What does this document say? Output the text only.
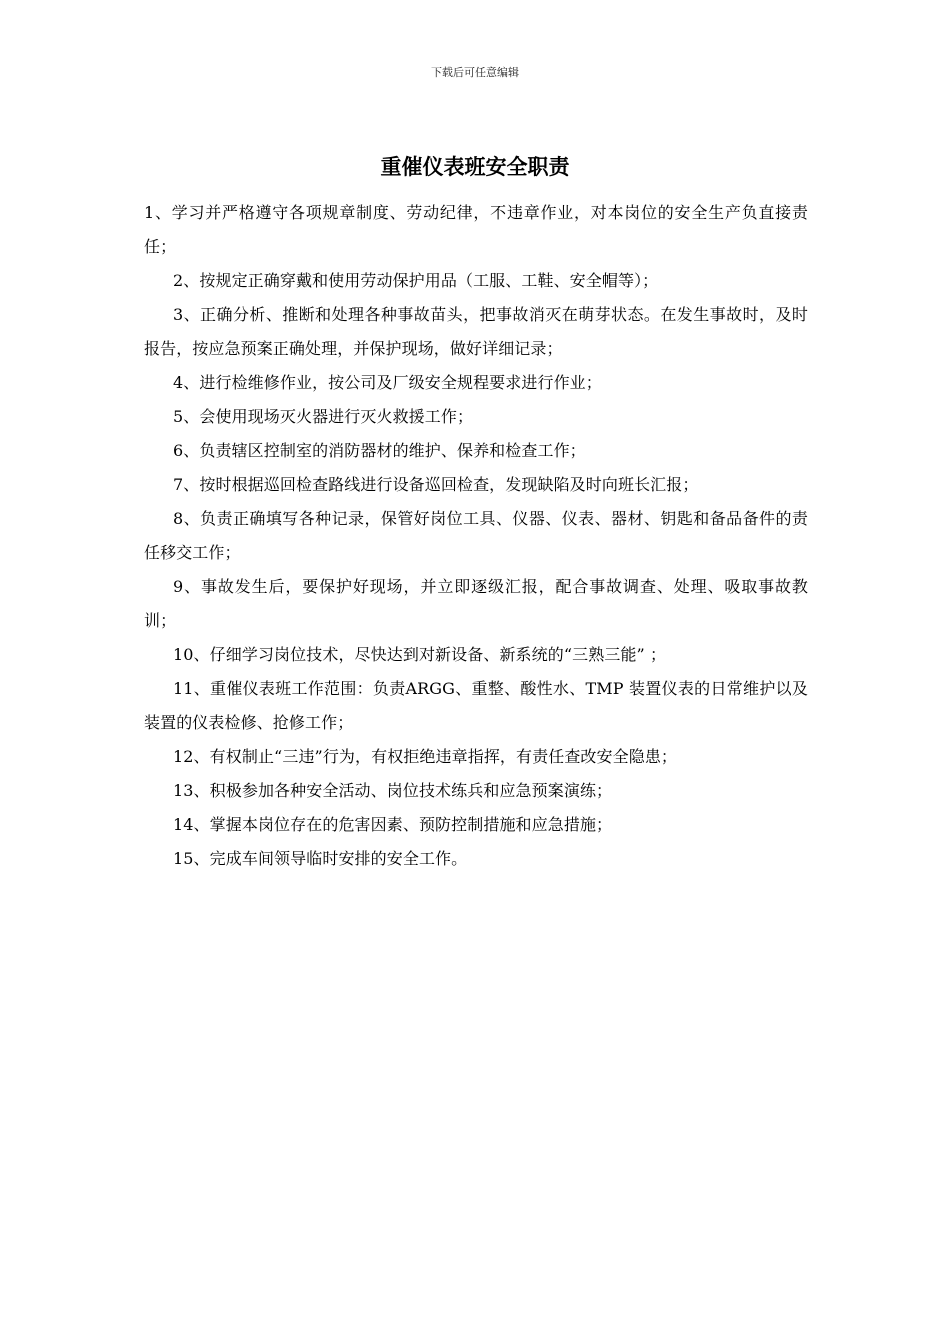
下载后可任意编辑
重催仪表班安全职责
1、学习并严格遵守各项规章制度、劳动纪律，不违章作业，对本岗位的安全生产负直接责任；
2、按规定正确穿戴和使用劳动保护用品（工服、工鞋、安全帽等）；
3、正确分析、推断和处理各种事故苗头，把事故消灭在萌芽状态。在发生事故时，及时报告，按应急预案正确处理，并保护现场，做好详细记录；
4、进行检维修作业，按公司及厂级安全规程要求进行作业；
5、会使用现场灭火器进行灭火救援工作；
6、负责辖区控制室的消防器材的维护、保养和检查工作；
7、按时根据巡回检查路线进行设备巡回检查，发现缺陷及时向班长汇报；
8、负责正确填写各种记录，保管好岗位工具、仪器、仪表、器材、钥匙和备品备件的责任移交工作；
9、事故发生后，要保护好现场，并立即逐级汇报，配合事故调查、处理、吸取事故教训；
10、仔细学习岗位技术，尽快达到对新设备、新系统的“三熟三能” ；
11、重催仪表班工作范围：负责ARGG、重整、酸性水、TMP 装置仪表的日常维护以及装置的仪表检修、抢修工作；
12、有权制止“三违”行为，有权拒绝违章指挥，有责任查改安全隐患；
13、积极参加各种安全活动、岗位技术练兵和应急预案演练；
14、掌握本岗位存在的危害因素、预防控制措施和应急措施；
15、完成车间领导临时安排的安全工作。
